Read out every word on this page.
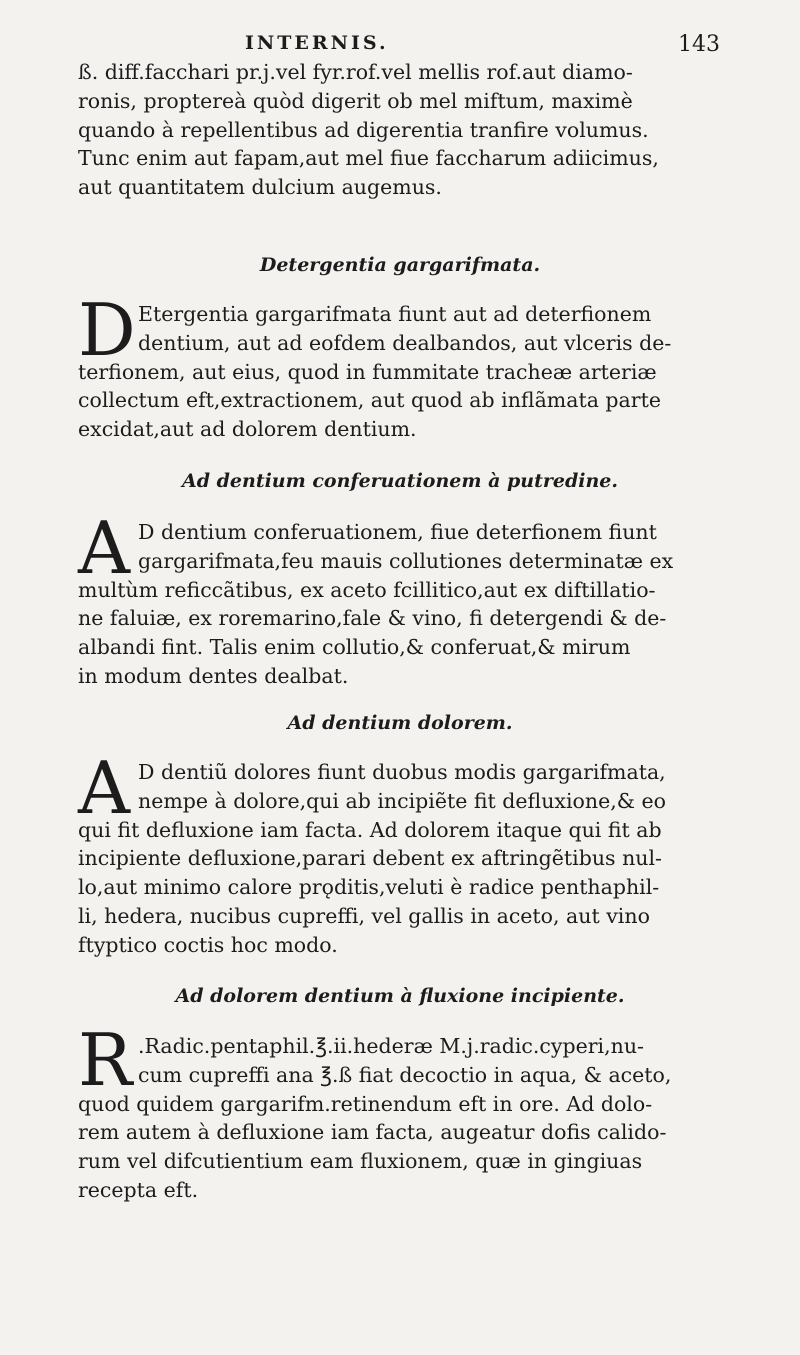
INTERNIS.	143

ß. diff.facchari pr.j.vel fyr.rof.vel mellis rof.aut diamo-

ronis, proptereà quòd digerit ob mel miftum, maximè

quando à repellentibus ad digerentia tranfire volumus.

Tunc enim aut fapam,aut mel fiue faccharum adiicimus,

aut quantitatem dulcium augemus.

Detergentia gargarifmata.
D Etergentia gargarifmata fiunt aut ad deterfionem

dentium, aut ad eofdem dealbandos, aut vlceris de-

terfionem, aut eius, quod in fummitate tracheæ arteriæ

collectum eft,extractionem, aut quod ab inflãmata parte

excidat,aut ad dolorem dentium.

Ad dentium conferuationem à putredine.
A D dentium conferuationem, fiue deterfionem fiunt

gargarifmata,feu mauis collutiones determinatæ ex

multùm reficcãtibus, ex aceto fcillitico,aut ex diftillatio-

ne faluiæ, ex roremarino,fale & vino, fi detergendi & de-

albandi fint. Talis enim collutio,& conferuat,& mirum

in modum dentes dealbat.

Ad dentium dolorem.
A D dentiũ dolores fiunt duobus modis gargarifmata,

nempe à dolore,qui ab incipiẽte fit defluxione,& eo

qui fit defluxione iam facta. Ad dolorem itaque qui fit ab

incipiente defluxione,parari debent ex aftringẽtibus nul-

lo,aut minimo calore prǫditis,veluti è radice penthaphil-

li, hedera, nucibus cupreffi, vel gallis in aceto, aut vino

ftyptico coctis hoc modo.

Ad dolorem dentium à fluxione incipiente.
R .Radic.pentaphil.℥.ii.hederæ M.j.radic.cyperi,nu-

cum cupreffi ana ℥.ß fiat decoctio in aqua, & aceto,

quod quidem gargarifm.retinendum eft in ore. Ad dolo-

rem autem à defluxione iam facta, augeatur dofis calido-

rum vel difcutientium eam fluxionem, quæ in gingiuas

recepta eft.
